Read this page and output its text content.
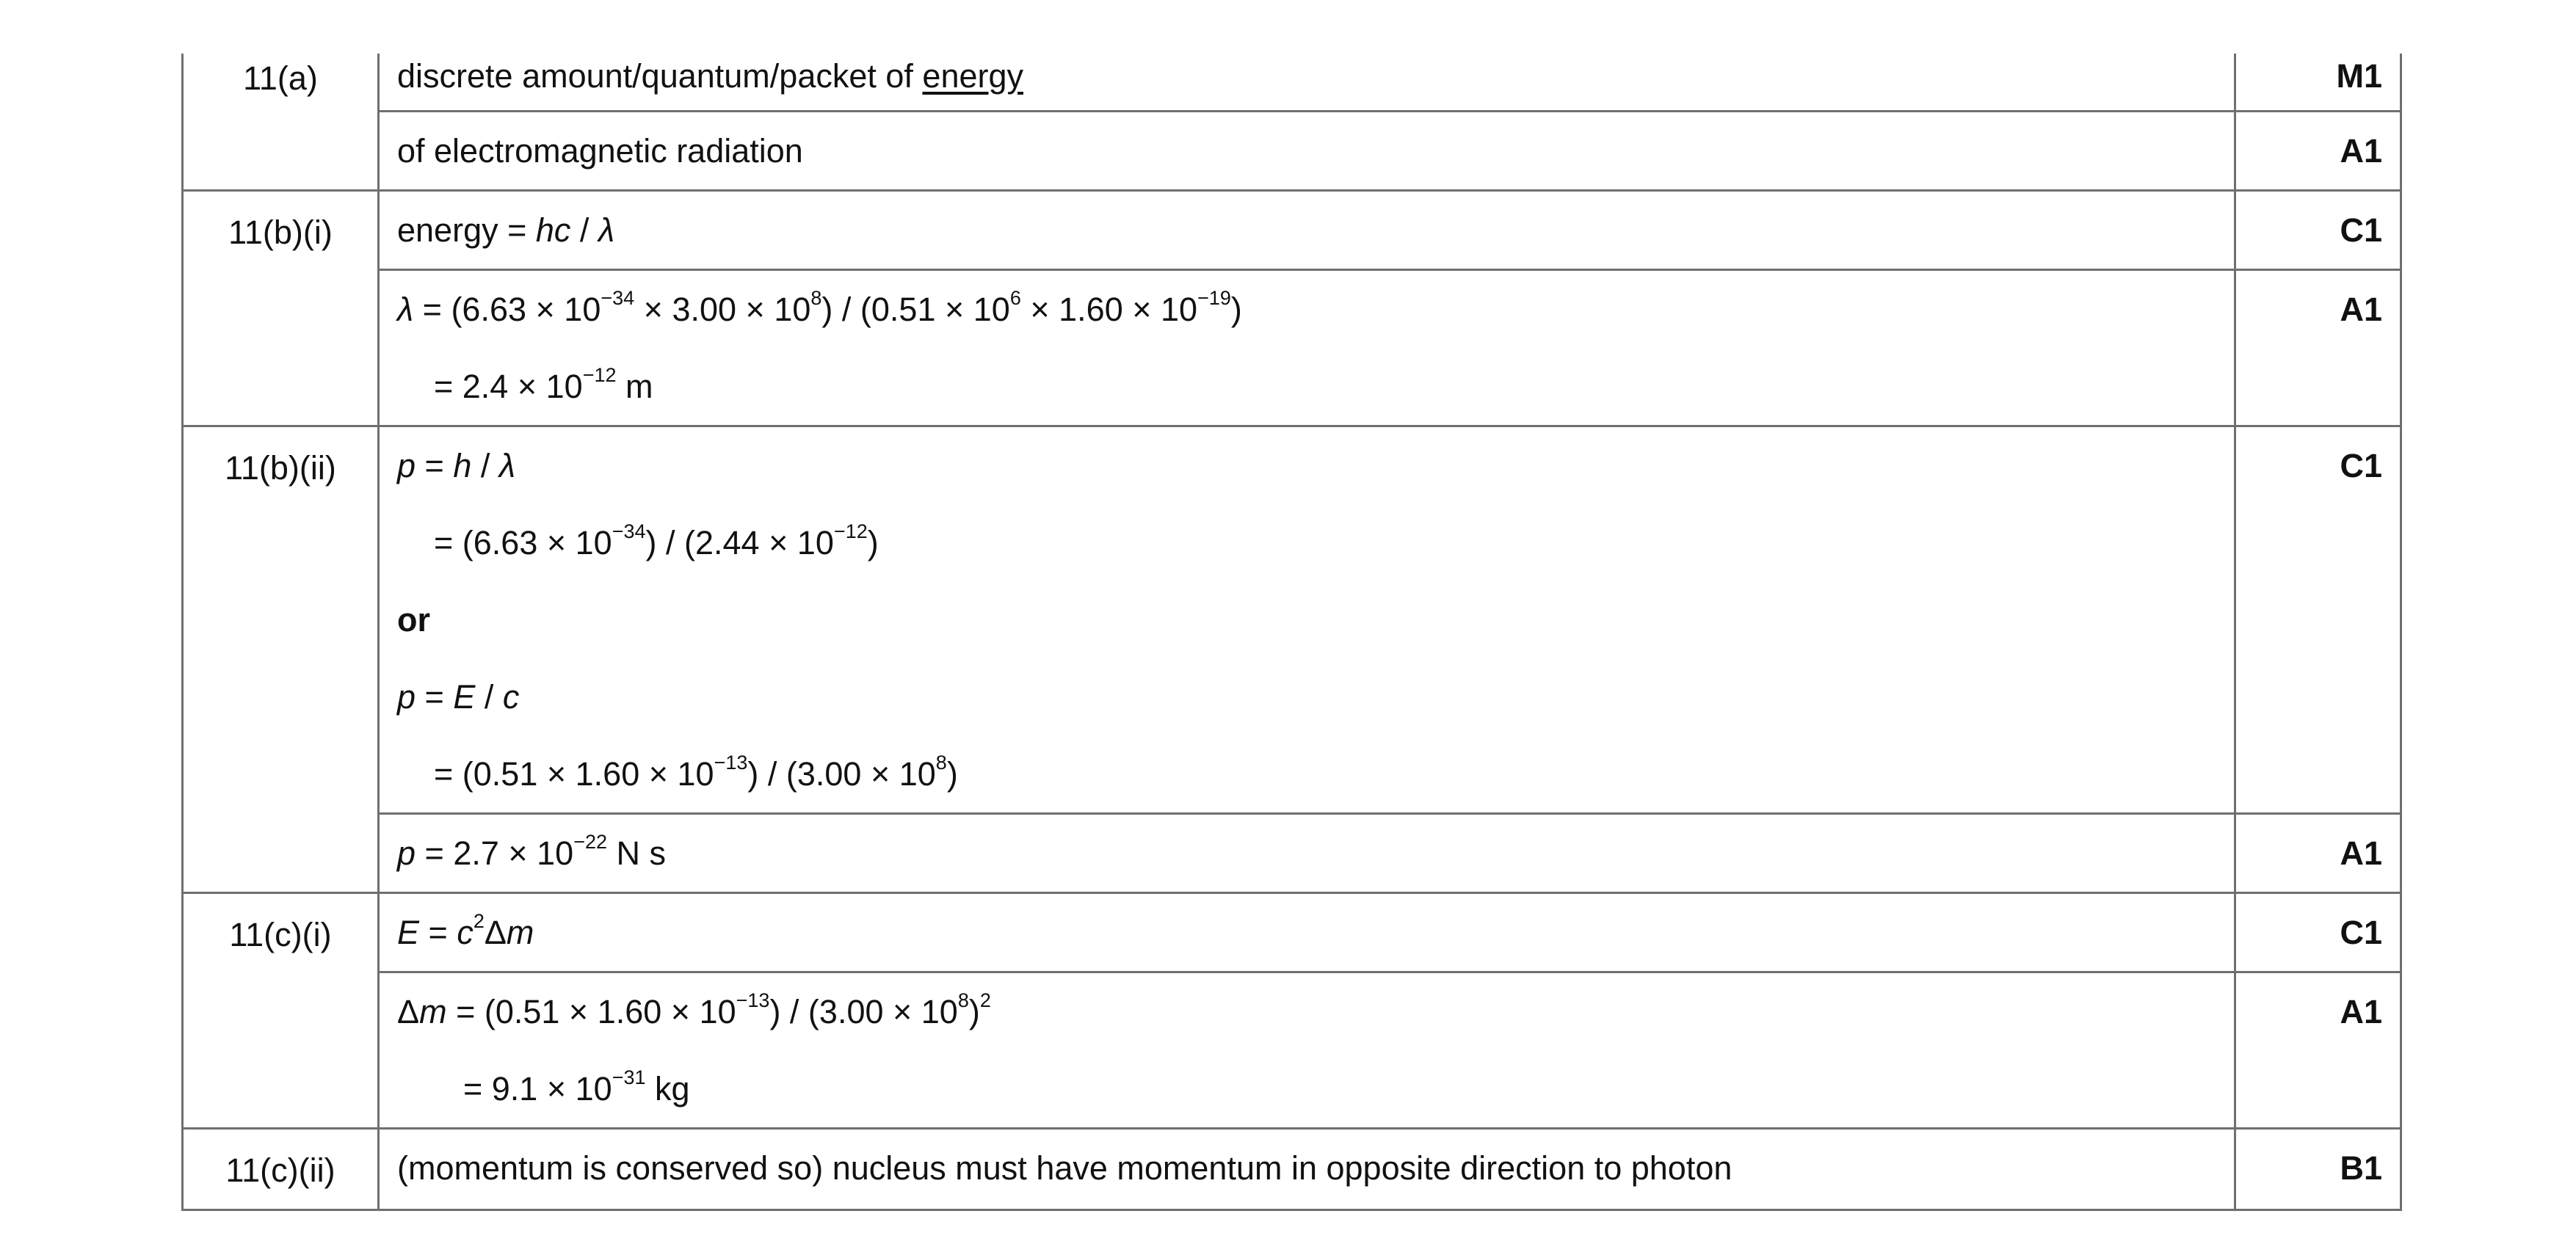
11(a)	discrete amount/quantum/packet of energy	M1

	of electromagnetic radiation	A1

11(b)(i)	energy = hc / λ	C1

	$\lambda = (6.63 \times 10^{-34} \times 3.00 \times 10^8) / (0.51 \times 10^6 \times 1.60 \times 10^{-19})$
= $2.4 \times 10^{-12}$ m	A1

11(b)(ii)	p = h / λ
= $(6.63 \times 10^{-34}) / (2.44 \times 10^{-12})$
or
p = E / c
= $(0.51 \times 1.60 \times 10^{-13}) / (3.00 \times 10^8)$	C1

	$p = 2.7 \times 10^{-22}$ N s	A1

11(c)(i)	$E = c^2\Delta m$	C1

	$\Delta m = (0.51 \times 1.60 \times 10^{-13}) / (3.00 \times 10^8)^2$
= $9.1 \times 10^{-31}$ kg	A1

11(c)(ii)	(momentum is conserved so) nucleus must have momentum in opposite direction to photon	B1
